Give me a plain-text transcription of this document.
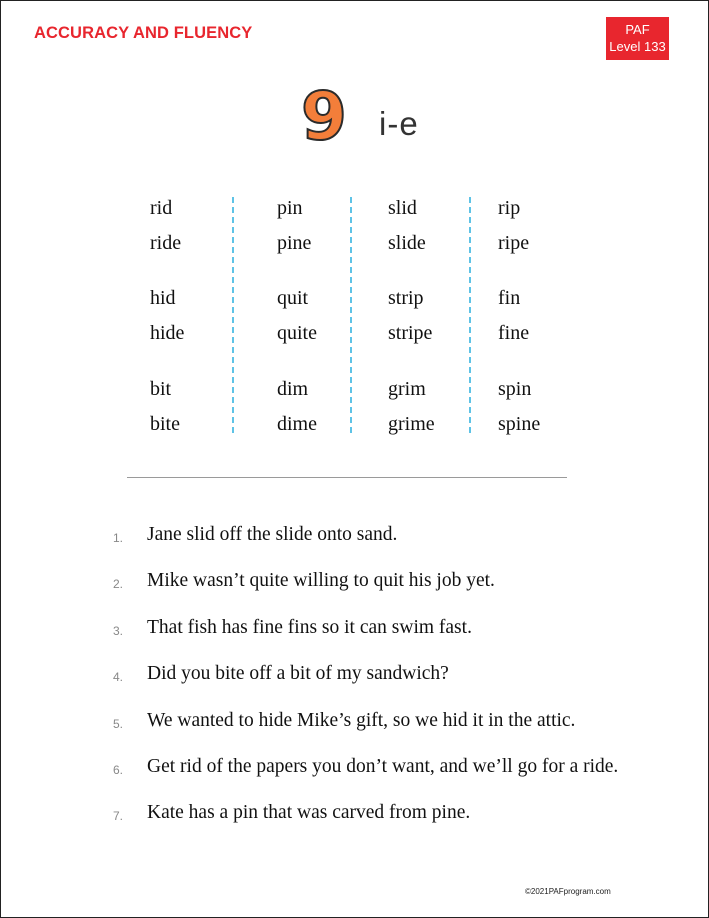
ACCURACY AND FLUENCY	PAF
Level 133
9 i-e
rid
ride
hid
hide
bit
bite
pin
pine
quit
quite
dim
dime
slid
slide
strip
stripe
grim
grime
rip
ripe
fin
fine
spin
spine
1. Jane slid off the slide onto sand.
2. Mike wasn’t quite willing to quit his job yet.
3. That fish has fine fins so it can swim fast.
4. Did you bite off a bit of my sandwich?
5. We wanted to hide Mike’s gift, so we hid it in the attic.
6. Get rid of the papers you don’t want, and we’ll go for a ride.
7. Kate has a pin that was carved from pine.
©2021PAFprogram.com
